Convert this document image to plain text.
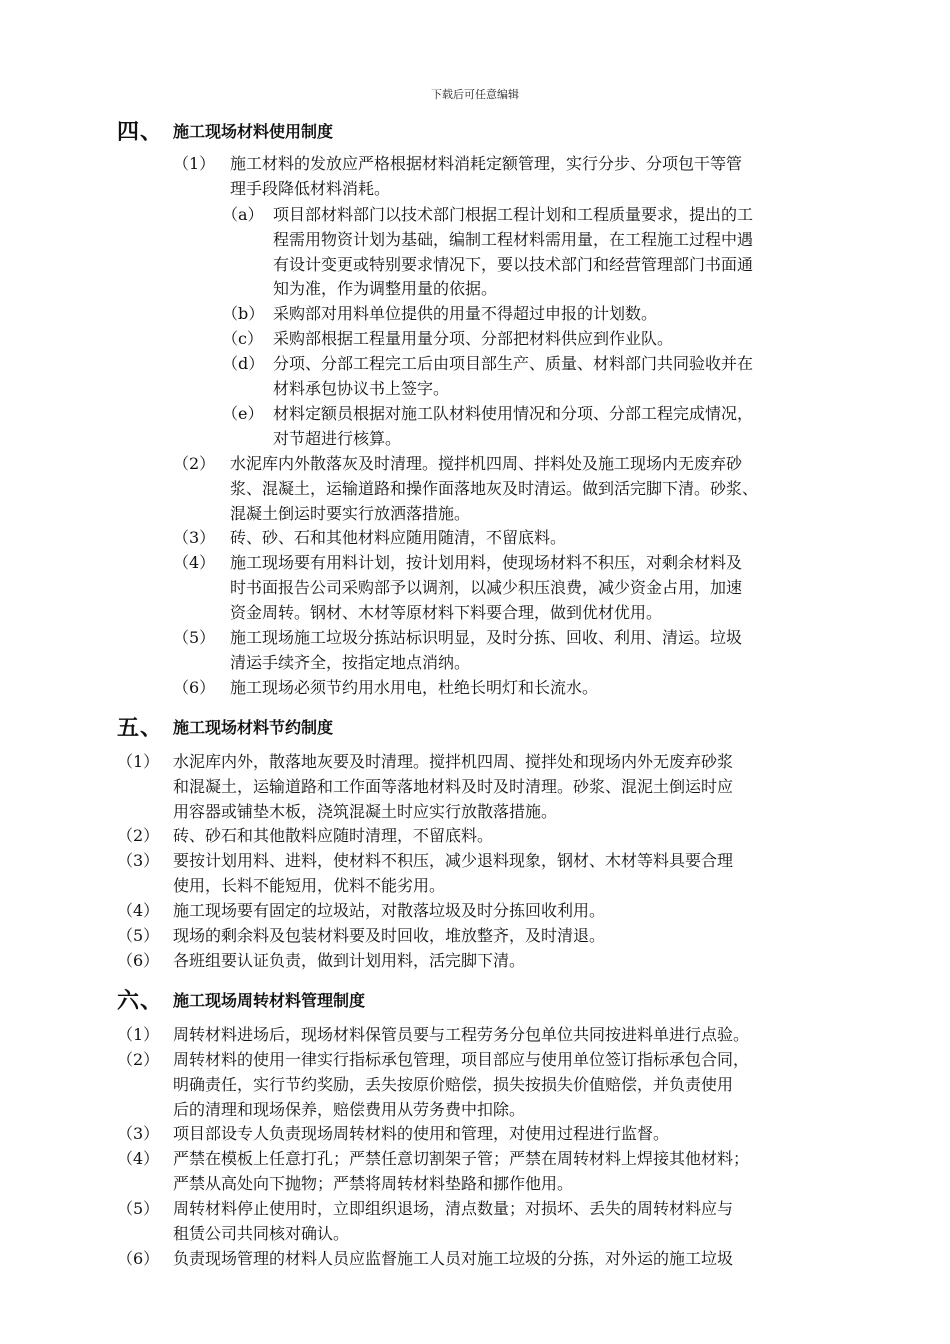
下载后可任意编辑
四、 施工现场材料使用制度
（1） 施工材料的发放应严格根据材料消耗定额管理，实行分步、分项包干等管
理手段降低材料消耗。
（a） 项目部材料部门以技术部门根据工程计划和工程质量要求，提出的工
程需用物资计划为基础，编制工程材料需用量，在工程施工过程中遇
有设计变更或特别要求情况下，要以技术部门和经营管理部门书面通
知为准，作为调整用量的依据。
（b） 采购部对用料单位提供的用量不得超过申报的计划数。
（c） 采购部根据工程量用量分项、分部把材料供应到作业队。
（d） 分项、分部工程完工后由项目部生产、质量、材料部门共同验收并在
材料承包协议书上签字。
（e） 材料定额员根据对施工队材料使用情况和分项、分部工程完成情况，
对节超进行核算。
（2） 水泥库内外散落灰及时清理。搅拌机四周、拌料处及施工现场内无废弃砂
浆、混凝土，运输道路和操作面落地灰及时清运。做到活完脚下清。砂浆、
混凝土倒运时要实行放洒落措施。
（3） 砖、砂、石和其他材料应随用随清，不留底料。
（4） 施工现场要有用料计划，按计划用料，使现场材料不积压，对剩余材料及
时书面报告公司采购部予以调剂，以减少积压浪费，减少资金占用，加速
资金周转。钢材、木材等原材料下料要合理，做到优材优用。
（5） 施工现场施工垃圾分拣站标识明显，及时分拣、回收、利用、清运。垃圾
清运手续齐全，按指定地点消纳。
（6） 施工现场必须节约用水用电，杜绝长明灯和长流水。
五、 施工现场材料节约制度
（1） 水泥库内外，散落地灰要及时清理。搅拌机四周、搅拌处和现场内外无废弃砂浆
和混凝土，运输道路和工作面等落地材料及时及时清理。砂浆、混泥土倒运时应
用容器或铺垫木板，浇筑混凝土时应实行放散落措施。
（2） 砖、砂石和其他散料应随时清理，不留底料。
（3） 要按计划用料、进料，使材料不积压，减少退料现象，钢材、木材等料具要合理
使用，长料不能短用，优料不能劣用。
（4） 施工现场要有固定的垃圾站，对散落垃圾及时分拣回收利用。
（5） 现场的剩余料及包装材料要及时回收，堆放整齐，及时清退。
（6） 各班组要认证负责，做到计划用料，活完脚下清。
六、 施工现场周转材料管理制度
（1） 周转材料进场后，现场材料保管员要与工程劳务分包单位共同按进料单进行点验。
（2） 周转材料的使用一律实行指标承包管理，项目部应与使用单位签订指标承包合同，
明确责任，实行节约奖励，丢失按原价赔偿，损失按损失价值赔偿，并负责使用
后的清理和现场保养，赔偿费用从劳务费中扣除。
（3） 项目部设专人负责现场周转材料的使用和管理，对使用过程进行监督。
（4） 严禁在模板上任意打孔；严禁任意切割架子管；严禁在周转材料上焊接其他材料；
严禁从高处向下抛物；严禁将周转材料垫路和挪作他用。
（5） 周转材料停止使用时，立即组织退场，清点数量；对损坏、丢失的周转材料应与
租赁公司共同核对确认。
（6） 负责现场管理的材料人员应监督施工人员对施工垃圾的分拣，对外运的施工垃圾
